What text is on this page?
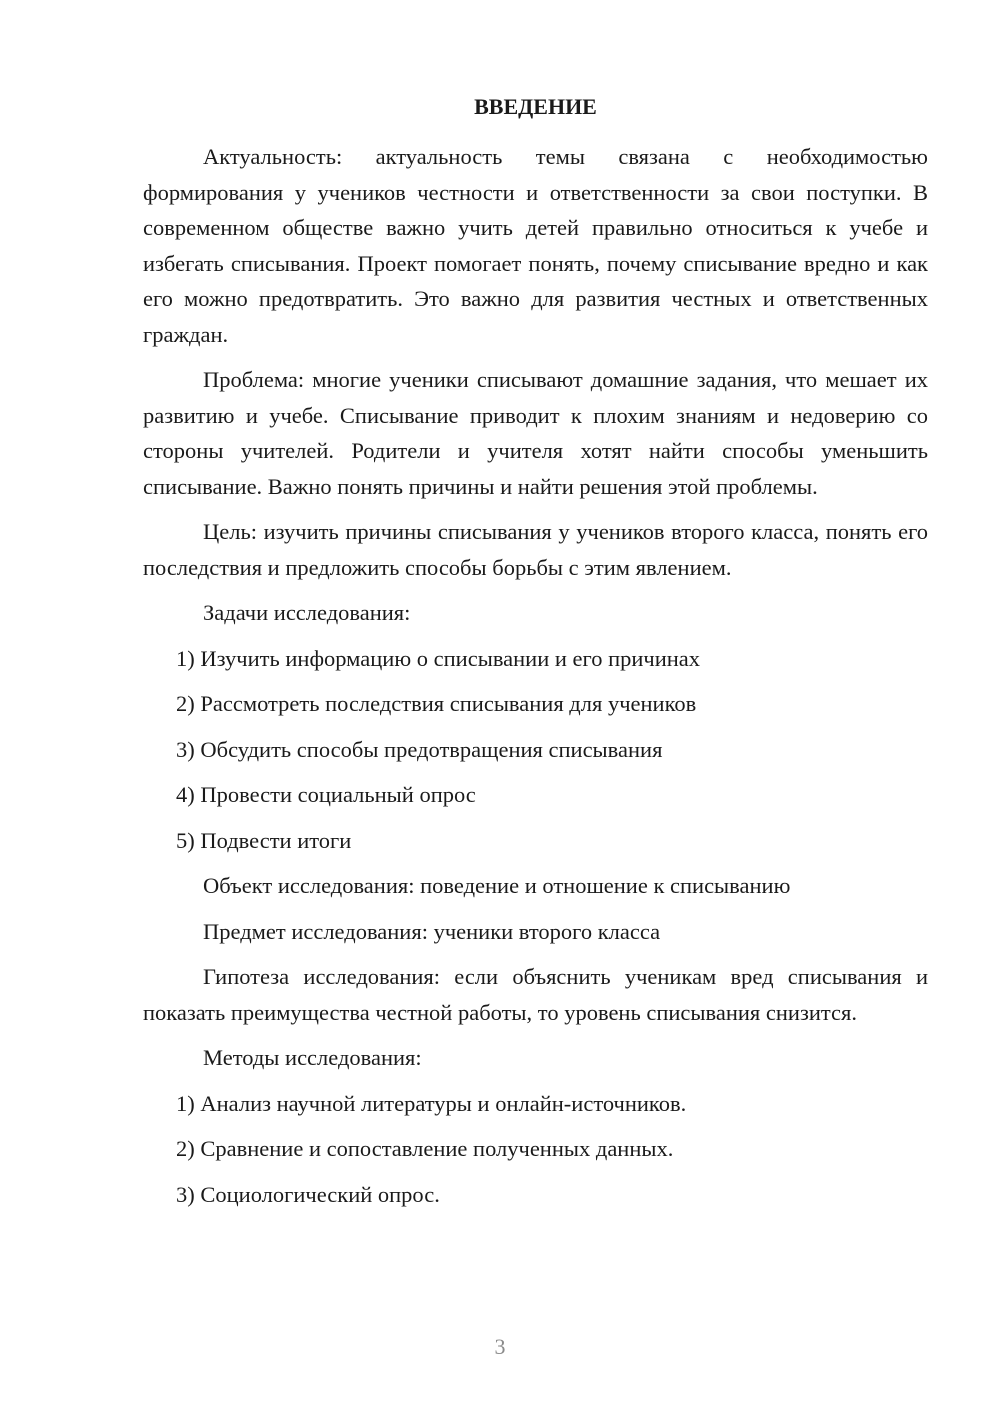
ВВЕДЕНИЕ
Актуальность: актуальность темы связана с необходимостью формирования у учеников честности и ответственности за свои поступки. В современном обществе важно учить детей правильно относиться к учебе и избегать списывания. Проект помогает понять, почему списывание вредно и как его можно предотвратить. Это важно для развития честных и ответственных граждан.
Проблема: многие ученики списывают домашние задания, что мешает их развитию и учебе. Списывание приводит к плохим знаниям и недоверию со стороны учителей. Родители и учителя хотят найти способы уменьшить списывание. Важно понять причины и найти решения этой проблемы.
Цель: изучить причины списывания у учеников второго класса, понять его последствия и предложить способы борьбы с этим явлением.
Задачи исследования:
1) Изучить информацию о списывании и его причинах
2) Рассмотреть последствия списывания для учеников
3) Обсудить способы предотвращения списывания
4) Провести социальный опрос
5) Подвести итоги
Объект исследования: поведение и отношение к списыванию
Предмет исследования: ученики второго класса
Гипотеза исследования: если объяснить ученикам вред списывания и показать преимущества честной работы, то уровень списывания снизится.
Методы исследования:
1) Анализ научной литературы и онлайн-источников.
2) Сравнение и сопоставление полученных данных.
3) Социологический опрос.
3
